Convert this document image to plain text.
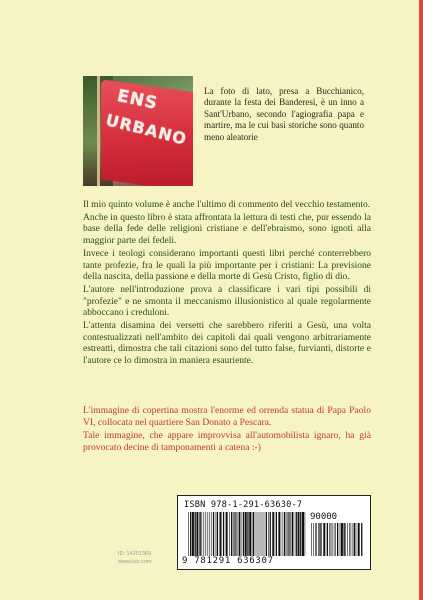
ENS
URBANO
La foto di lato, presa a Bucchianico, durante la festa dei Banderesi, è un inno a Sant'Urbano, secondo l'agiografia papa e martire, ma le cui basi storiche sono quanto meno aleatorie

Il mio quinto volume è anche l'ultimo di commento del vecchio testamento.

Anche in questo libro è stata affrontata la lettura di testi che, pur essendo la base della fede delle religioni cristiane e dell'ebraismo, sono ignoti alla maggior parte dei fedeli.

Invece i teologi considerano importanti questi libri perché conterrebbero tante profezie, fra le quali la più importante per i cristiani: La previsione della nascita, della passione e della morte di Gesù Cristo, figlio di dio.

L'autore nell'introduzione prova a classificare i vari tipi possibili di "profezie" e ne smonta il meccanismo illusionistico al quale regolarmente abboccano i creduloni.

L'attenta disamina dei versetti che sarebbero riferiti a Gesù, una volta contestualizzati nell'ambito dei capitoli dai quali vengono arbitrariamente estreatti, dimostra che tali citazioni sono del tutto false, furviant​i, distorte e l'autore ce lo dimostra in maniera esauriente.

L'immagine di copertina mostra l'enorme ed orrenda statua di Papa Paolo VI, collocata nel quartiere San Donato a Pescara.

Tale immagine, che appare improvvisa all'automobilista ignaro, ha già provocato decine di tamponamenti a catena :-)

ID: 14251369
www.lulu.com
ISBN 978-1-291-63630-7
90000
9 781291 636307
